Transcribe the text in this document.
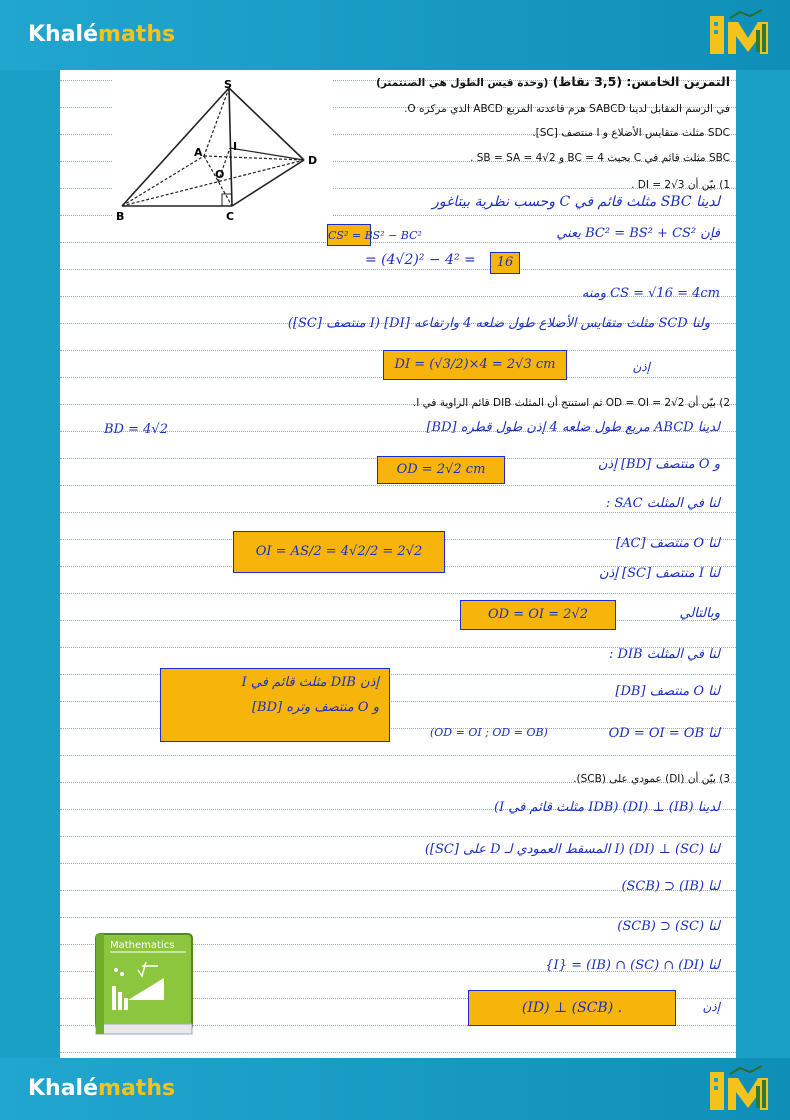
Khalémaths
S
A	I
O
D
B	C
التمرين الخامس: (3,5 نقاط) (وحدة قيس الطول هي الصنتمتر)
في الرسم المقابل لدينا SABCD هرم قاعدته المربع ABCD الذي مركزه O.
SDC مثلث متقايس الأضلاع و I منتصف [SC].
SBC مثلث قائم في C بحيث BC = 4 و SB = SA = 4√2 .
1) بيّن أن DI = 2√3 .
لدينا SBC مثلث قائم في C وحسب نظرية بيتاغور
فإن BC² = BS² + CS² يعني
CS² = BS² − BC²
= (4√2)² − 4² =	16
CS = √16 = 4cm ومنه
ولنا SCD مثلث متقايس الأضلاع طول ضلعه 4 وارتفاعه [DI] (I منتصف [SC])
إذن
DI = (√3/2)×4 = 2√3 cm
2) بيّن أن OD = OI = 2√2 ثم استنتج أن المثلث DIB قائم الزاوية في I.
BD = 4√2	لدينا ABCD مربع طول ضلعه 4 إذن طول قطره [BD]
و O منتصف [BD] إذن
OD = 2√2 cm
لنا في المثلث SAC :
لنا O منتصف [AC]
لنا I منتصف [SC] إذن
OI = AS/2 = 4√2/2 = 2√2
وبالتالي
OD = OI = 2√2
لنا في المثلث DIB :
لنا O منتصف [DB]
لنا OD = OI = OB
(OD = OI ; OD = OB)
إذن DIB مثلث قائم في I
و O منتصف وتره [BD]
3) بيّن أن (DI) عمودي على (SCB).
لدينا (IB) ⊥ (DI) (IDB مثلث قائم في I)
لنا (SC) ⊥ (DI) (I المسقط العمودي لـ D على [SC])
لنا (IB) ⊂ (SCB)
لنا (SC) ⊂ (SCB)
لنا (DI) ∩ (SC) ∩ (IB) = {I}
إذن
(ID) ⊥ (SCB) .
Mathematics
Khalémaths
